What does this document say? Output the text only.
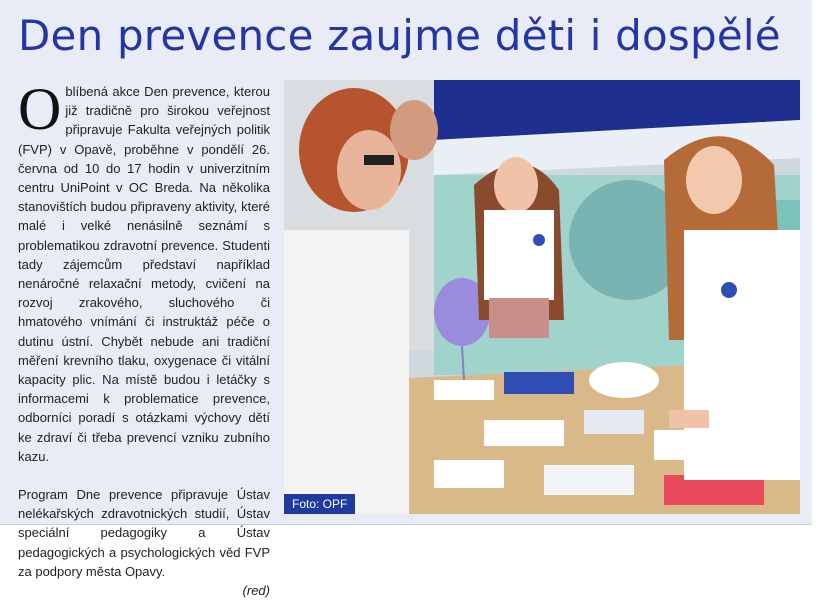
Den prevence zaujme děti i dospělé

Oblíbená akce Den prevence, kterou již tradičně pro širokou veřejnost připravuje Fakulta veřejných politik (FVP) v Opavě, proběhne v pondělí 26. června od 10 do 17 hodin v univerzitním centru UniPoint v OC Breda. Na několika stanovištích budou připraveny aktivity, které malé i velké nenásilně seznámí s problematikou zdravotní prevence. Studenti tady zájemcům představí například nenáročné relaxační metody, cvičení na rozvoj zrakového, sluchového či hmatového vnímání či instruktáž péče o dutinu ústní. Chybět nebude ani tradiční měření krevního tlaku, oxygenace či vitální kapacity plic. Na místě budou i letáčky s informacemi k problematice prevence, odborníci poradí s otázkami výchovy dětí ke zdraví či třeba prevencí vzniku zubního kazu.

Program Dne prevence připravuje Ústav nelékařských zdravotnických studií, Ústav speciální pedagogiky a Ústav pedagogických a psychologických věd FVP za podpory města Opavy.
(red)

Foto: OPF
